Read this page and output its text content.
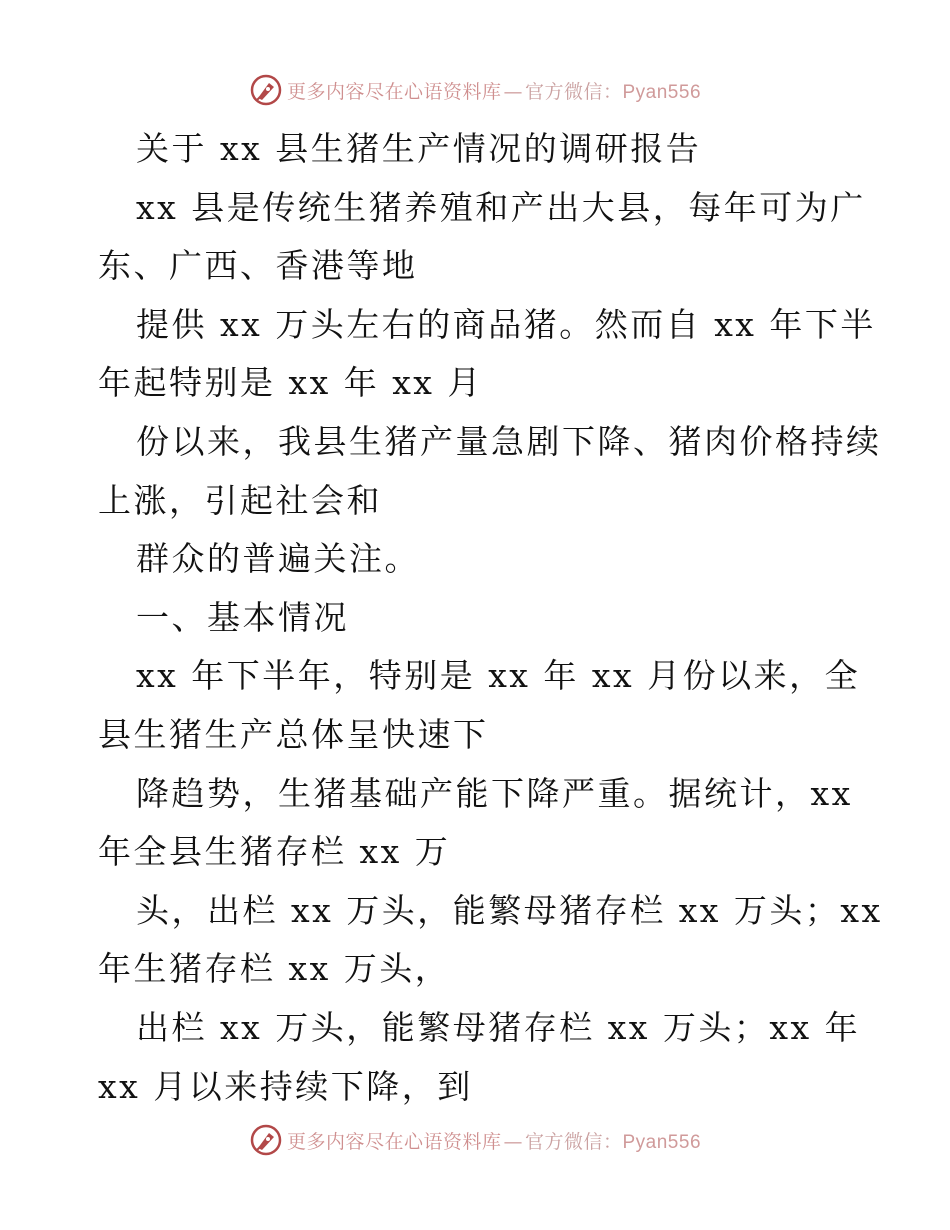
更多内容尽在心语资料库 — 官方微信：Pyan556
关于 xx 县生猪生产情况的调研报告
xx 县是传统生猪养殖和产出大县，每年可为广
东、广西、香港等地
提供 xx 万头左右的商品猪。然而自 xx 年下半
年起特别是 xx 年 xx 月
份以来，我县生猪产量急剧下降、猪肉价格持续
上涨，引起社会和
群众的普遍关注。
一、基本情况
xx 年下半年，特别是 xx 年 xx 月份以来，全
县生猪生产总体呈快速下
降趋势，生猪基础产能下降严重。据统计，xx
年全县生猪存栏 xx 万
头，出栏 xx 万头，能繁母猪存栏 xx 万头；xx
年生猪存栏 xx 万头，
出栏 xx 万头，能繁母猪存栏 xx 万头；xx 年
xx 月以来持续下降，到
更多内容尽在心语资料库 — 官方微信：Pyan556
